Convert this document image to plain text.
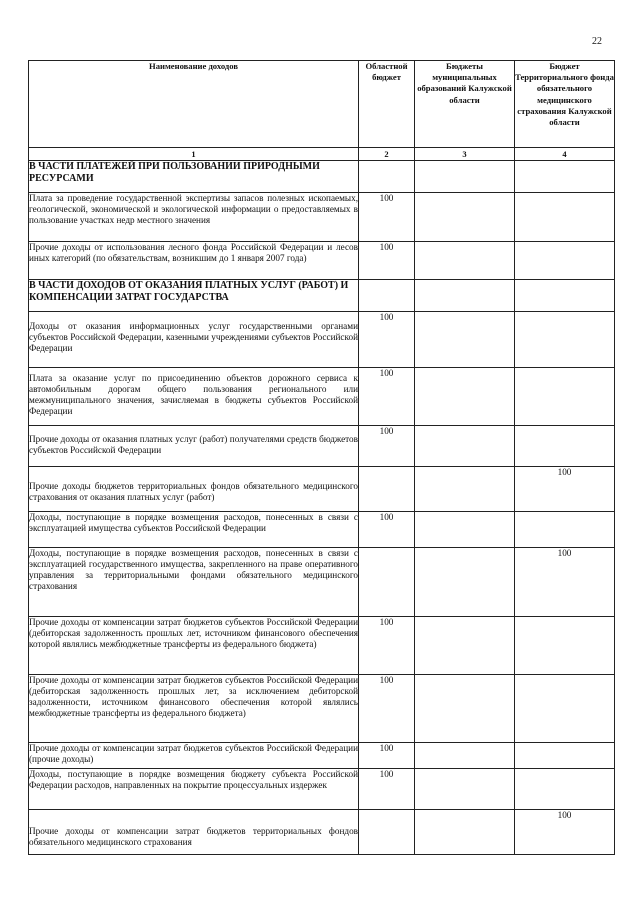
22
Наименование доходов	Областной бюджет	Бюджеты муниципальных образований Калужской области	Бюджет Территориального фонда обязательного медицинского страхования Калужской области
1	2	3	4
В ЧАСТИ ПЛАТЕЖЕЙ ПРИ ПОЛЬЗОВАНИИ ПРИРОДНЫМИ РЕСУРСАМИ			
Плата за проведение государственной экспертизы запасов полезных ископаемых, геологической, экономической и экологической информации о предоставляемых в пользование участках недр местного значения	100		
Прочие доходы от использования лесного фонда Российской Федерации и лесов иных категорий (по обязательствам, возникшим до 1 января 2007 года)	100		
В ЧАСТИ ДОХОДОВ ОТ ОКАЗАНИЯ ПЛАТНЫХ УСЛУГ (РАБОТ) И КОМПЕНСАЦИИ ЗАТРАТ ГОСУДАРСТВА			
Доходы от оказания информационных услуг государственными органами субъектов Российской Федерации, казенными учреждениями субъектов Российской Федерации	100		
Плата за оказание услуг по присоединению объектов дорожного сервиса к автомобильным дорогам общего пользования регионального или межмуниципального значения, зачисляемая в бюджеты субъектов Российской Федерации	100		
Прочие доходы от оказания платных услуг (работ) получателями средств бюджетов субъектов Российской Федерации	100		
Прочие доходы бюджетов территориальных фондов обязательного медицинского страхования от оказания платных услуг (работ)			100
Доходы, поступающие в порядке возмещения расходов, понесенных в связи с эксплуатацией имущества субъектов Российской Федерации	100		
Доходы, поступающие в порядке возмещения расходов, понесенных в связи с эксплуатацией государственного имущества, закрепленного на праве оперативного управления за территориальными фондами обязательного медицинского страхования			100
Прочие доходы от компенсации затрат бюджетов субъектов Российской Федерации (дебиторская задолженность прошлых лет, источником финансового обеспечения которой являлись межбюджетные трансферты из федерального бюджета)	100		
Прочие доходы от компенсации затрат бюджетов субъектов Российской Федерации (дебиторская задолженность прошлых лет, за исключением дебиторской задолженности, источником финансового обеспечения которой являлись межбюджетные трансферты из федерального бюджета)	100		
Прочие доходы от компенсации затрат бюджетов субъектов Российской Федерации (прочие доходы)	100		
Доходы, поступающие в порядке возмещения бюджету субъекта Российской Федерации расходов, направленных на покрытие процессуальных издержек	100		
Прочие доходы от компенсации затрат бюджетов территориальных фондов обязательного медицинского страхования			100
